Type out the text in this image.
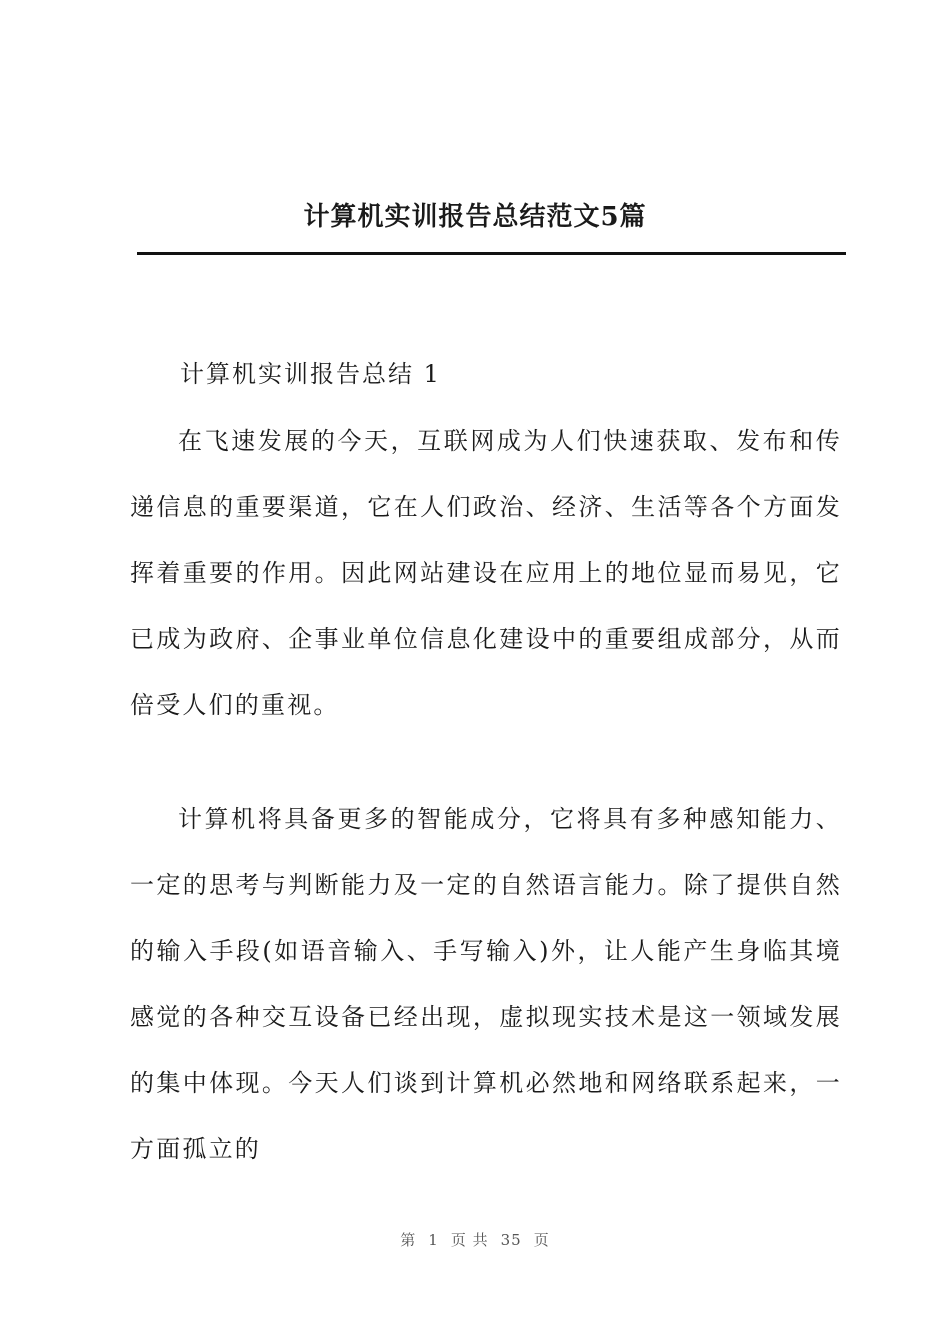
计算机实训报告总结范文5篇
计算机实训报告总结 1

在飞速发展的今天，互联网成为人们快速获取、发布和传递信息的重要渠道，它在人们政治、经济、生活等各个方面发挥着重要的作用。因此网站建设在应用上的地位显而易见，它已成为政府、企事业单位信息化建设中的重要组成部分，从而倍受人们的重视。

计算机将具备更多的智能成分，它将具有多种感知能力、一定的思考与判断能力及一定的自然语言能力。除了提供自然的输入手段(如语音输入、手写输入)外，让人能产生身临其境感觉的各种交互设备已经出现，虚拟现实技术是这一领域发展的集中体现。今天人们谈到计算机必然地和网络联系起来，一方面孤立的

第 1 页 共 35 页
